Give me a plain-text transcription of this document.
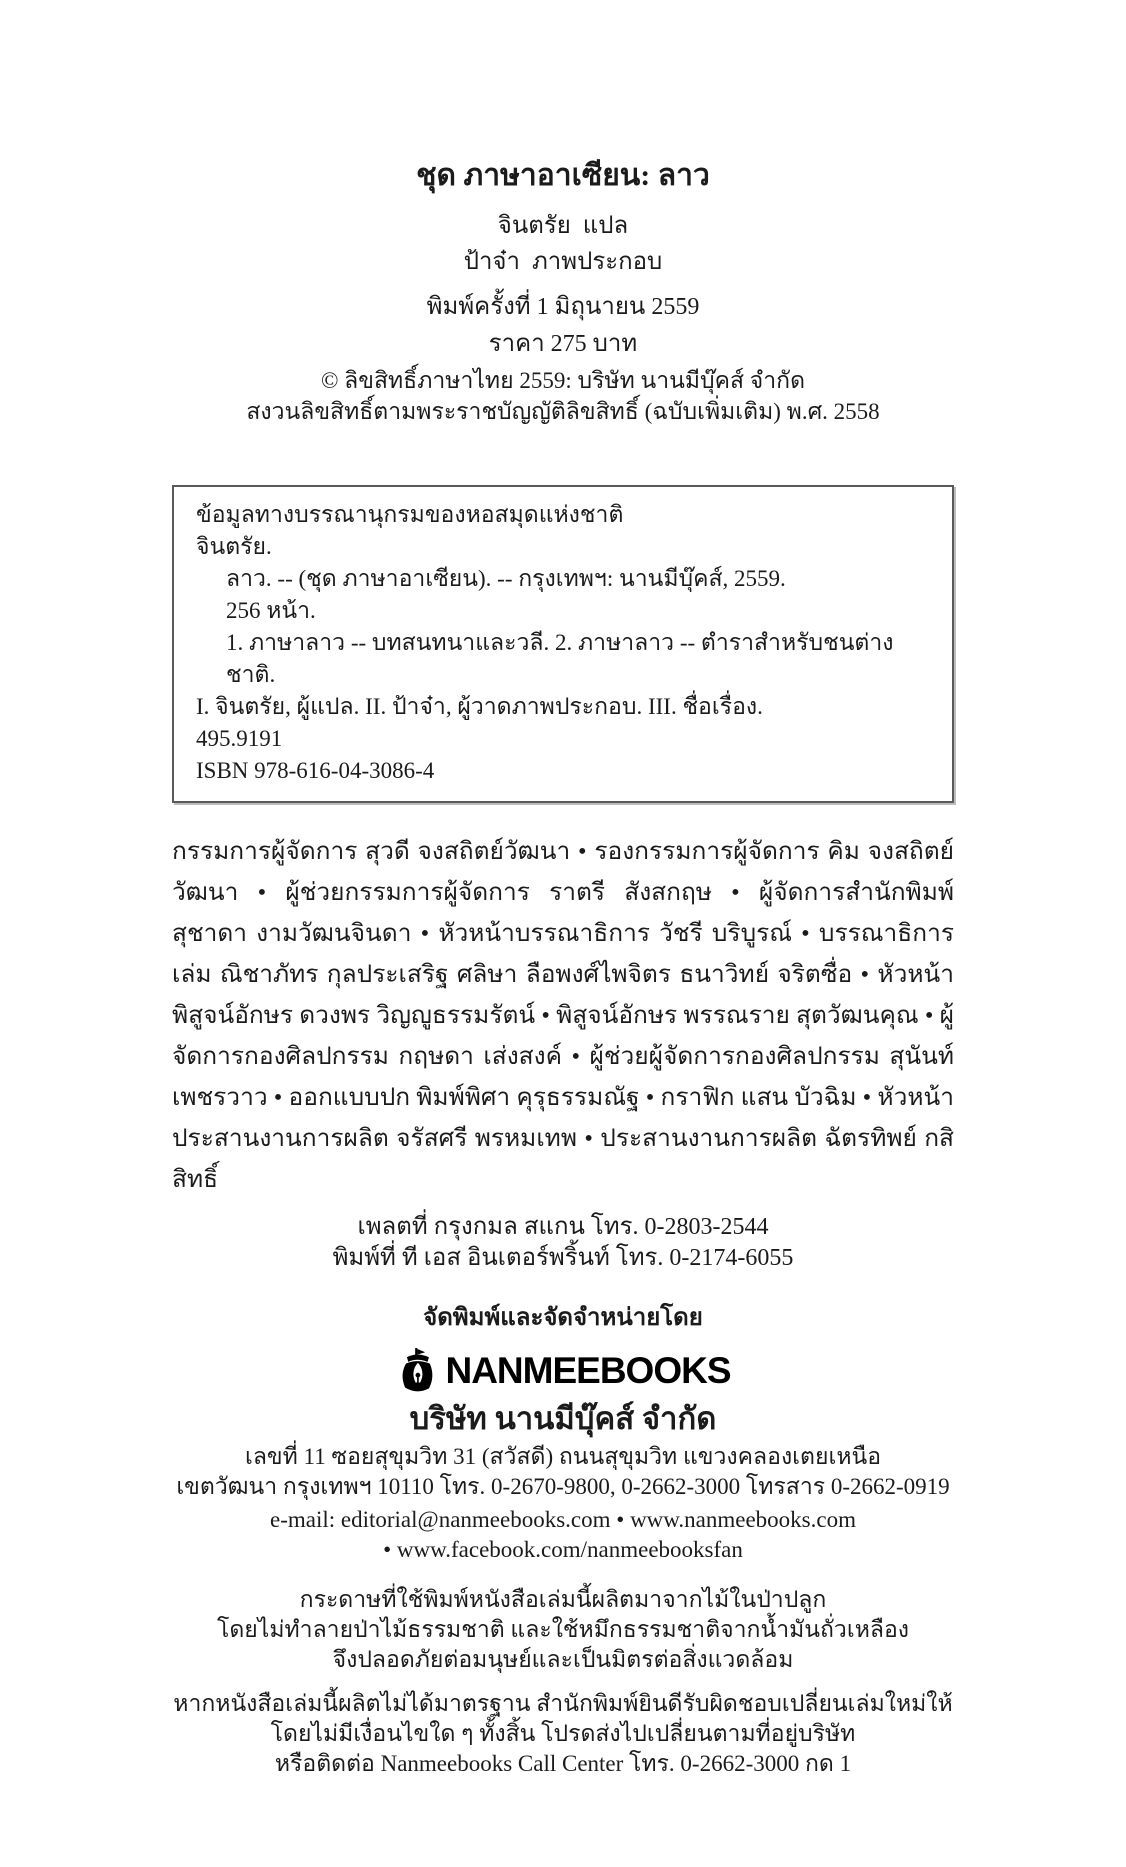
ชุด ภาษาอาเซียน: ลาว
จินตรัย  แปล
ป้าจ๋า  ภาพประกอบ
พิมพ์ครั้งที่ 1 มิถุนายน 2559
ราคา 275 บาท
© ลิขสิทธิ์ภาษาไทย 2559: บริษัท นานมีบุ๊คส์ จำกัด
สงวนลิขสิทธิ์ตามพระราชบัญญัติลิขสิทธิ์ (ฉบับเพิ่มเติม) พ.ศ. 2558
ข้อมูลทางบรรณานุกรมของหอสมุดแห่งชาติ
จินตรัย.
ลาว. -- (ชุด ภาษาอาเซียน). -- กรุงเทพฯ: นานมีบุ๊คส์, 2559.
256 หน้า.
1. ภาษาลาว -- บทสนทนาและวลี. 2. ภาษาลาว -- ตำราสำหรับชนต่างชาติ.
I. จินตรัย, ผู้แปล. II. ป้าจ๋า, ผู้วาดภาพประกอบ. III. ชื่อเรื่อง.
495.9191
ISBN 978-616-04-3086-4
กรรมการผู้จัดการ สุวดี จงสถิตย์วัฒนา • รองกรรมการผู้จัดการ คิม จงสถิตย์วัฒนา • ผู้ช่วยกรรมการผู้จัดการ ราตรี สังสกฤษ • ผู้จัดการสำนักพิมพ์ สุชาดา งามวัฒนจินดา • หัวหน้าบรรณาธิการ วัชรี บริบูรณ์ • บรรณาธิการเล่ม ณิชาภัทร กุลประเสริฐ ศลิษา ลือพงศ์ไพจิตร ธนาวิทย์ จริตซื่อ • หัวหน้าพิสูจน์อักษร ดวงพร วิญญูธรรมรัตน์ • พิสูจน์อักษร พรรณราย สุตวัฒนคุณ • ผู้จัดการกองศิลปกรรม กฤษดา เส่งสงค์ • ผู้ช่วยผู้จัดการกองศิลปกรรม สุนันท์ เพชรวาว • ออกแบบปก พิมพ์พิศา คุรุธรรมณัฐ • กราฟิก แสน บัวฉิม • หัวหน้าประสานงานการผลิต จรัสศรี พรหมเทพ • ประสานงานการผลิต ฉัตรทิพย์ กสิสิทธิ์
เพลตที่ กรุงกมล สแกน โทร. 0-2803-2544
พิมพ์ที่ ที เอส อินเตอร์พริ้นท์ โทร. 0-2174-6055
จัดพิมพ์และจัดจำหน่ายโดย
NANMEEBOOKS
บริษัท นานมีบุ๊คส์ จำกัด
เลขที่ 11 ซอยสุขุมวิท 31 (สวัสดี) ถนนสุขุมวิท แขวงคลองเตยเหนือ
เขตวัฒนา กรุงเทพฯ 10110 โทร. 0-2670-9800, 0-2662-3000 โทรสาร 0-2662-0919
e-mail: editorial@nanmeebooks.com • www.nanmeebooks.com
• www.facebook.com/nanmeebooksfan
กระดาษที่ใช้พิมพ์หนังสือเล่มนี้ผลิตมาจากไม้ในป่าปลูก
โดยไม่ทำลายป่าไม้ธรรมชาติ และใช้หมึกธรรมชาติจากน้ำมันถั่วเหลือง
จึงปลอดภัยต่อมนุษย์และเป็นมิตรต่อสิ่งแวดล้อม
หากหนังสือเล่มนี้ผลิตไม่ได้มาตรฐาน สำนักพิมพ์ยินดีรับผิดชอบเปลี่ยนเล่มใหม่ให้
โดยไม่มีเงื่อนไขใด ๆ ทั้งสิ้น โปรดส่งไปเปลี่ยนตามที่อยู่บริษัท
หรือติดต่อ Nanmeebooks Call Center โทร. 0-2662-3000 กด 1
